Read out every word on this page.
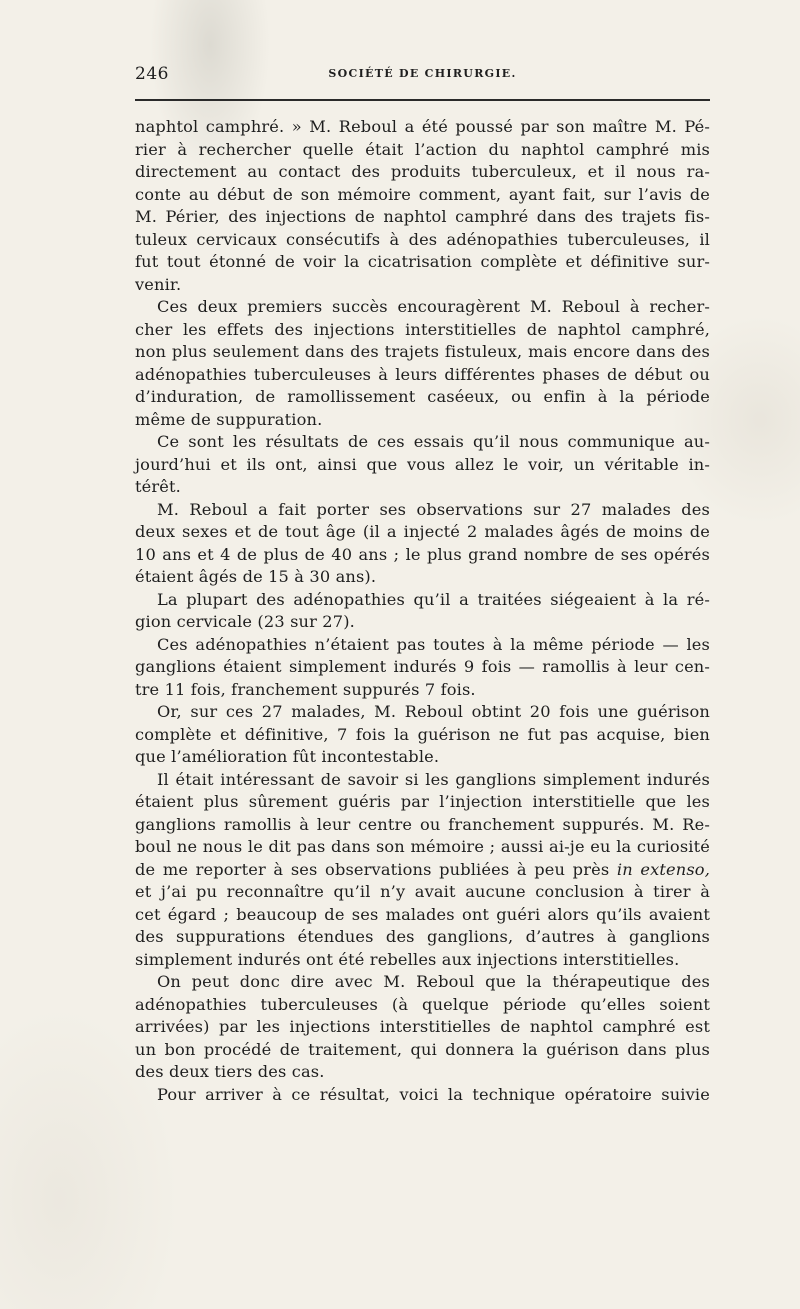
246	SOCIÉTÉ DE CHIRURGIE.
naphtol camphré. » M. Reboul a été poussé par son maître M. Pé-
rier à rechercher quelle était l’action du naphtol camphré mis
directement au contact des produits tuberculeux, et il nous ra-
conte au début de son mémoire comment, ayant fait, sur l’avis de
M. Périer, des injections de naphtol camphré dans des trajets fis-
tuleux cervicaux consécutifs à des adénopathies tuberculeuses, il
fut tout étonné de voir la cicatrisation complète et définitive sur-
venir.
Ces deux premiers succès encouragèrent M. Reboul à recher-
cher les effets des injections interstitielles de naphtol camphré,
non plus seulement dans des trajets fistuleux, mais encore dans des
adénopathies tuberculeuses à leurs différentes phases de début ou
d’induration, de ramollissement caséeux, ou enfin à la période
même de suppuration.
Ce sont les résultats de ces essais qu’il nous communique au-
jourd’hui et ils ont, ainsi que vous allez le voir, un véritable in-
térêt.
M. Reboul a fait porter ses observations sur 27 malades des
deux sexes et de tout âge (il a injecté 2 malades âgés de moins de
10 ans et 4 de plus de 40 ans ; le plus grand nombre de ses opérés
étaient âgés de 15 à 30 ans).
La plupart des adénopathies qu’il a traitées siégeaient à la ré-
gion cervicale (23 sur 27).
Ces adénopathies n’étaient pas toutes à la même période — les
ganglions étaient simplement indurés 9 fois — ramollis à leur cen-
tre 11 fois, franchement suppurés 7 fois.
Or, sur ces 27 malades, M. Reboul obtint 20 fois une guérison
complète et définitive, 7 fois la guérison ne fut pas acquise, bien
que l’amélioration fût incontestable.
Il était intéressant de savoir si les ganglions simplement indurés
étaient plus sûrement guéris par l’injection interstitielle que les
ganglions ramollis à leur centre ou franchement suppurés. M. Re-
boul ne nous le dit pas dans son mémoire ; aussi ai-je eu la curiosité
de me reporter à ses observations publiées à peu près in extenso,
et j’ai pu reconnaître qu’il n’y avait aucune conclusion à tirer à
cet égard ; beaucoup de ses malades ont guéri alors qu’ils avaient
des suppurations étendues des ganglions, d’autres à ganglions
simplement indurés ont été rebelles aux injections interstitielles.
On peut donc dire avec M. Reboul que la thérapeutique des
adénopathies tuberculeuses (à quelque période qu’elles soient
arrivées) par les injections interstitielles de naphtol camphré est
un bon procédé de traitement, qui donnera la guérison dans plus
des deux tiers des cas.
Pour arriver à ce résultat, voici la technique opératoire suivie
